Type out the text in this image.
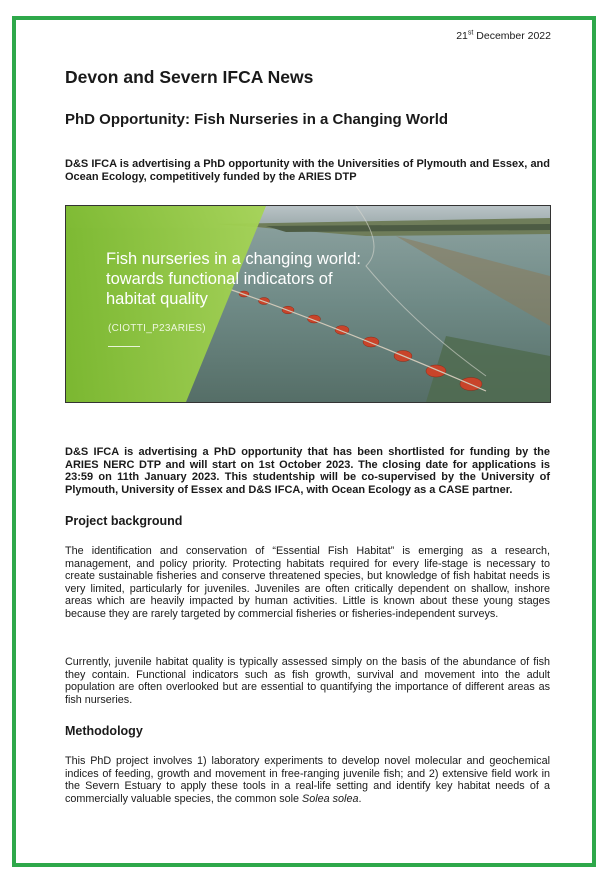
21st December 2022
Devon and Severn IFCA News
PhD Opportunity: Fish Nurseries in a Changing World

D&S IFCA is advertising a PhD opportunity with the Universities of Plymouth and Essex, and Ocean Ecology, competitively funded by the ARIES DTP

Fish nurseries in a changing world:
towards functional indicators of
habitat quality
(CIOTTI_P23ARIES)

D&S IFCA is advertising a PhD opportunity that has been shortlisted for funding by the ARIES NERC DTP and will start on 1st October 2023. The closing date for applications is 23:59 on 11th January 2023. This studentship will be co-supervised by the University of Plymouth, University of Essex and D&S IFCA, with Ocean Ecology as a CASE partner.

Project background

The identification and conservation of “Essential Fish Habitat” is emerging as a research, management, and policy priority. Protecting habitats required for every life-stage is necessary to create sustainable fisheries and conserve threatened species, but knowledge of fish habitat needs is very limited, particularly for juveniles. Juveniles are often critically dependent on shallow, inshore areas which are heavily impacted by human activities. Little is known about these young stages because they are rarely targeted by commercial fisheries or fisheries-independent surveys.

Currently, juvenile habitat quality is typically assessed simply on the basis of the abundance of fish they contain. Functional indicators such as fish growth, survival and movement into the adult population are often overlooked but are essential to quantifying the importance of different areas as fish nurseries.

Methodology

This PhD project involves 1) laboratory experiments to develop novel molecular and geochemical indices of feeding, growth and movement in free-ranging juvenile fish; and 2) extensive field work in the Severn Estuary to apply these tools in a real-life setting and identify key habitat needs of a commercially valuable species, the common sole Solea solea.
